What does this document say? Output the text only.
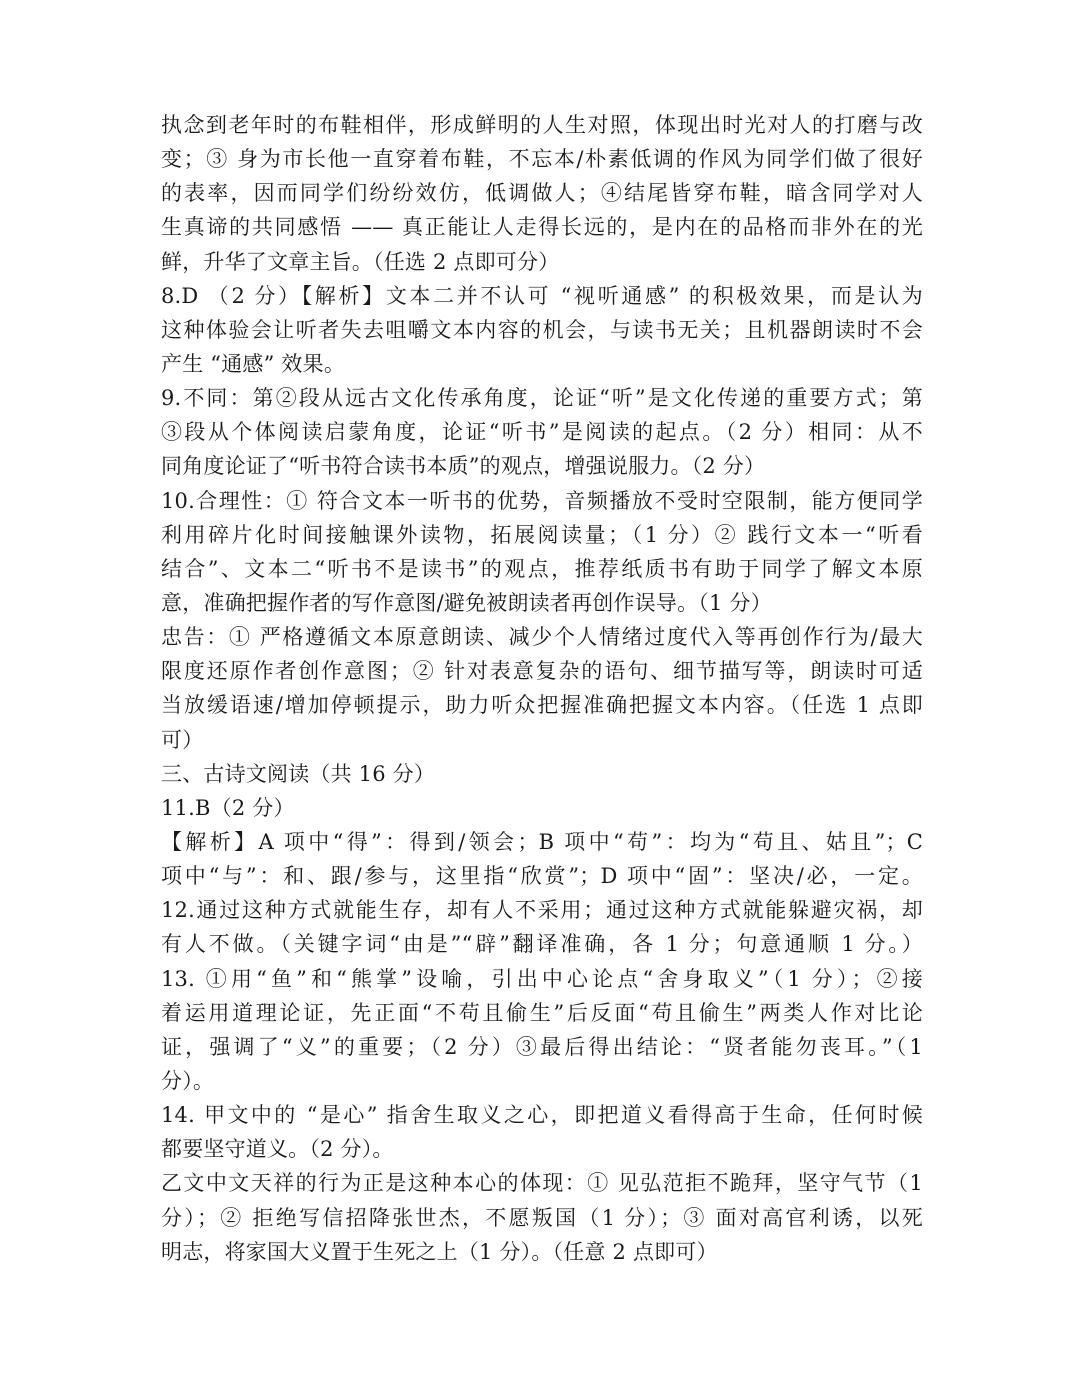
执念到老年时的布鞋相伴，形成鲜明的人生对照，体现出时光对人的打磨与改
变；③ 身为市长他一直穿着布鞋，不忘本/朴素低调的作风为同学们做了很好
的表率，因而同学们纷纷效仿，低调做人；④结尾皆穿布鞋，暗含同学对人
生真谛的共同感悟 —— 真正能让人走得长远的，是内在的品格而非外在的光
鲜，升华了文章主旨。（任选 2 点即可分）
8.D （2 分）【解析】文本二并不认可 “视听通感” 的积极效果，而是认为
这种体验会让听者失去咀嚼文本内容的机会，与读书无关；且机器朗读时不会
产生 “通感” 效果。
9.不同：第②段从远古文化传承角度，论证“听”是文化传递的重要方式；第
③段从个体阅读启蒙角度，论证“听书”是阅读的起点。（2 分）相同：从不
同角度论证了“听书符合读书本质”的观点，增强说服力。（2 分）
10.合理性：① 符合文本一听书的优势，音频播放不受时空限制，能方便同学
利用碎片化时间接触课外读物，拓展阅读量；（1 分）② 践行文本一“听看
结合”、文本二“听书不是读书”的观点，推荐纸质书有助于同学了解文本原
意，准确把握作者的写作意图/避免被朗读者再创作误导。（1 分）
忠告：① 严格遵循文本原意朗读、减少个人情绪过度代入等再创作行为/最大
限度还原作者创作意图；② 针对表意复杂的语句、细节描写等，朗读时可适
当放缓语速/增加停顿提示，助力听众把握准确把握文本内容。（任选 1 点即
可）
三、古诗文阅读（共 16 分）
11.B（2 分）
【解析】A 项中“得”：得到/领会；B 项中“苟”：均为“苟且、姑且”；C
项中“与”：和、跟/参与，这里指“欣赏”；D 项中“固”：坚决/必，一定。
12.通过这种方式就能生存，却有人不采用；通过这种方式就能躲避灾祸，却
有人不做。（关键字词“由是”“辟”翻译准确，各 1 分；句意通顺 1 分。）
13. ①用“鱼”和“熊掌”设喻，引出中心论点“舍身取义”（1 分）；②接
着运用道理论证，先正面“不苟且偷生”后反面“苟且偷生”两类人作对比论
证，强调了“义”的重要；（2 分）③最后得出结论：“贤者能勿丧耳。”（1
分）。
14. 甲文中的 “是心” 指舍生取义之心，即把道义看得高于生命，任何时候
都要坚守道义。（2 分）。
乙文中文天祥的行为正是这种本心的体现：① 见弘范拒不跪拜，坚守气节（1
分）；② 拒绝写信招降张世杰，不愿叛国（1 分）；③ 面对高官利诱，以死
明志，将家国大义置于生死之上（1 分）。（任意 2 点即可）
